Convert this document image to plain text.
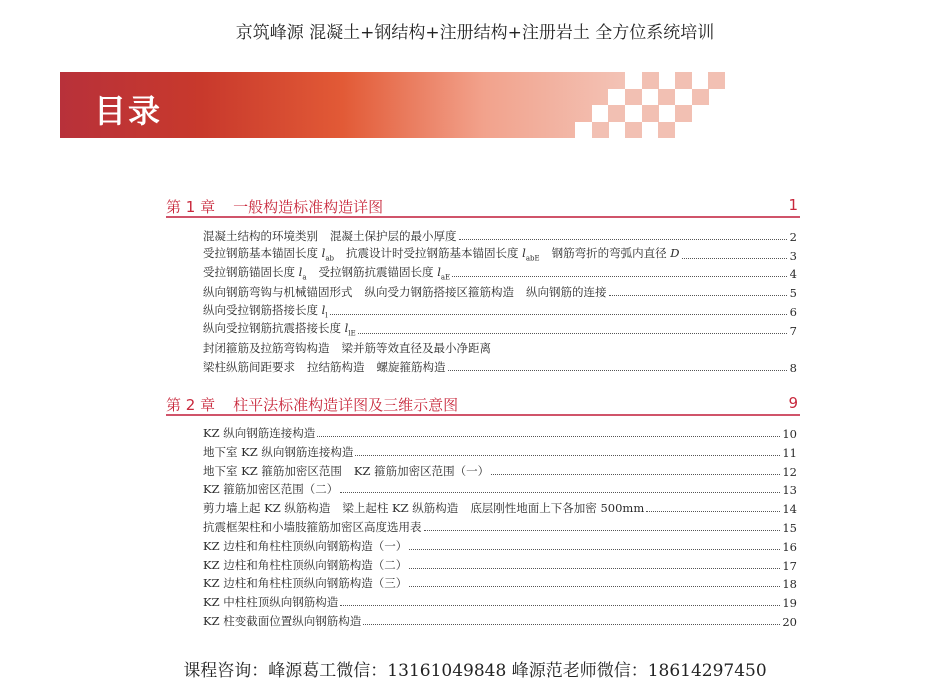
京筑峰源 混凝土+钢结构+注册结构+注册岩土 全方位系统培训
目录
第 1 章 一般构造标准构造详图	1
混凝土结构的环境类别 混凝土保护层的最小厚度	2
受拉钢筋基本锚固长度 $l_{ab}$ 抗震设计时受拉钢筋基本锚固长度 $l_{abE}$ 钢筋弯折的弯弧内直径 D	3
受拉钢筋锚固长度 $l_a$ 受拉钢筋抗震锚固长度 $l_{aE}$	4
纵向钢筋弯钩与机械锚固形式 纵向受力钢筋搭接区箍筋构造 纵向钢筋的连接	5
纵向受拉钢筋搭接长度 $l_l$	6
纵向受拉钢筋抗震搭接长度 $l_{lE}$	7
封闭箍筋及拉筋弯钩构造 梁并筋等效直径及最小净距离
梁柱纵筋间距要求 拉结筋构造 螺旋箍筋构造	8
第 2 章 柱平法标准构造详图及三维示意图	9
KZ 纵向钢筋连接构造	10
地下室 KZ 纵向钢筋连接构造	11
地下室 KZ 箍筋加密区范围 KZ 箍筋加密区范围（一）	12
KZ 箍筋加密区范围（二）	13
剪力墙上起 KZ 纵筋构造 梁上起柱 KZ 纵筋构造 底层刚性地面上下各加密 500mm	14
抗震框架柱和小墙肢箍筋加密区高度选用表	15
KZ 边柱和角柱柱顶纵向钢筋构造（一）	16
KZ 边柱和角柱柱顶纵向钢筋构造（二）	17
KZ 边柱和角柱柱顶纵向钢筋构造（三）	18
KZ 中柱柱顶纵向钢筋构造	19
KZ 柱变截面位置纵向钢筋构造	20
课程咨询：峰源葛工微信：13161049848 峰源范老师微信：18614297450
